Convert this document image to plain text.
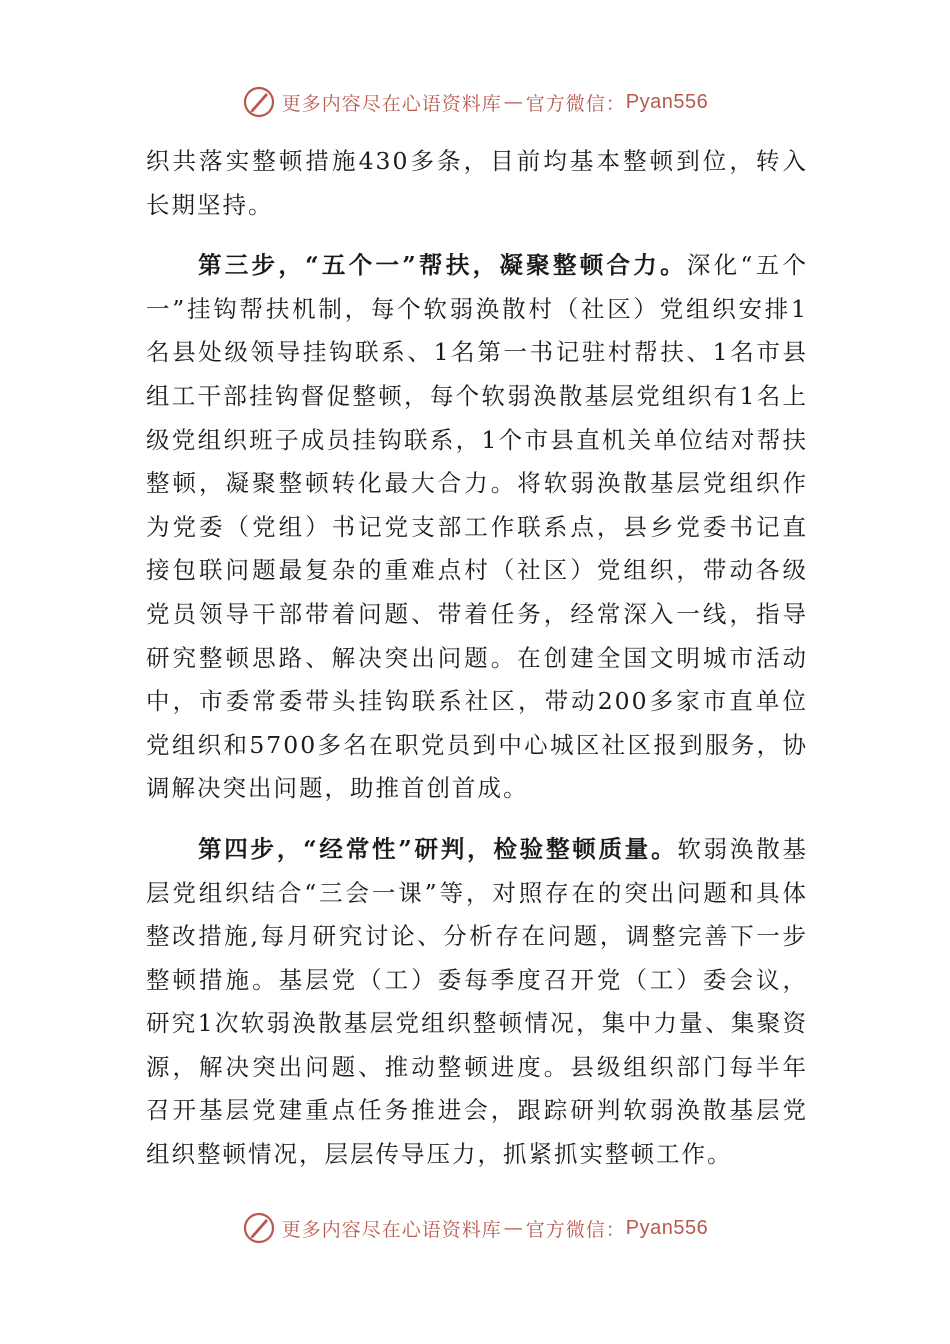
更多内容尽在心语资料库 — 官方微信： Pyan556

织共落实整顿措施430多条，目前均基本整顿到位，转入长期坚持。

第三步，“五个一”帮扶，凝聚整顿合力。深化“五个一”挂钩帮扶机制，每个软弱涣散村（社区）党组织安排1名县处级领导挂钩联系、1名第一书记驻村帮扶、1名市县组工干部挂钩督促整顿，每个软弱涣散基层党组织有1名上级党组织班子成员挂钩联系，1个市县直机关单位结对帮扶整顿，凝聚整顿转化最大合力。将软弱涣散基层党组织作为党委（党组）书记党支部工作联系点，县乡党委书记直接包联问题最复杂的重难点村（社区）党组织，带动各级党员领导干部带着问题、带着任务，经常深入一线，指导研究整顿思路、解决突出问题。在创建全国文明城市活动中，市委常委带头挂钩联系社区，带动200多家市直单位党组织和5700多名在职党员到中心城区社区报到服务，协调解决突出问题，助推首创首成。

第四步，“经常性”研判，检验整顿质量。软弱涣散基层党组织结合“三会一课”等，对照存在的突出问题和具体整改措施,每月研究讨论、分析存在问题，调整完善下一步整顿措施。基层党（工）委每季度召开党（工）委会议，研究1次软弱涣散基层党组织整顿情况，集中力量、集聚资源，解决突出问题、推动整顿进度。县级组织部门每半年召开基层党建重点任务推进会，跟踪研判软弱涣散基层党组织整顿情况，层层传导压力，抓紧抓实整顿工作。

更多内容尽在心语资料库 — 官方微信： Pyan556
